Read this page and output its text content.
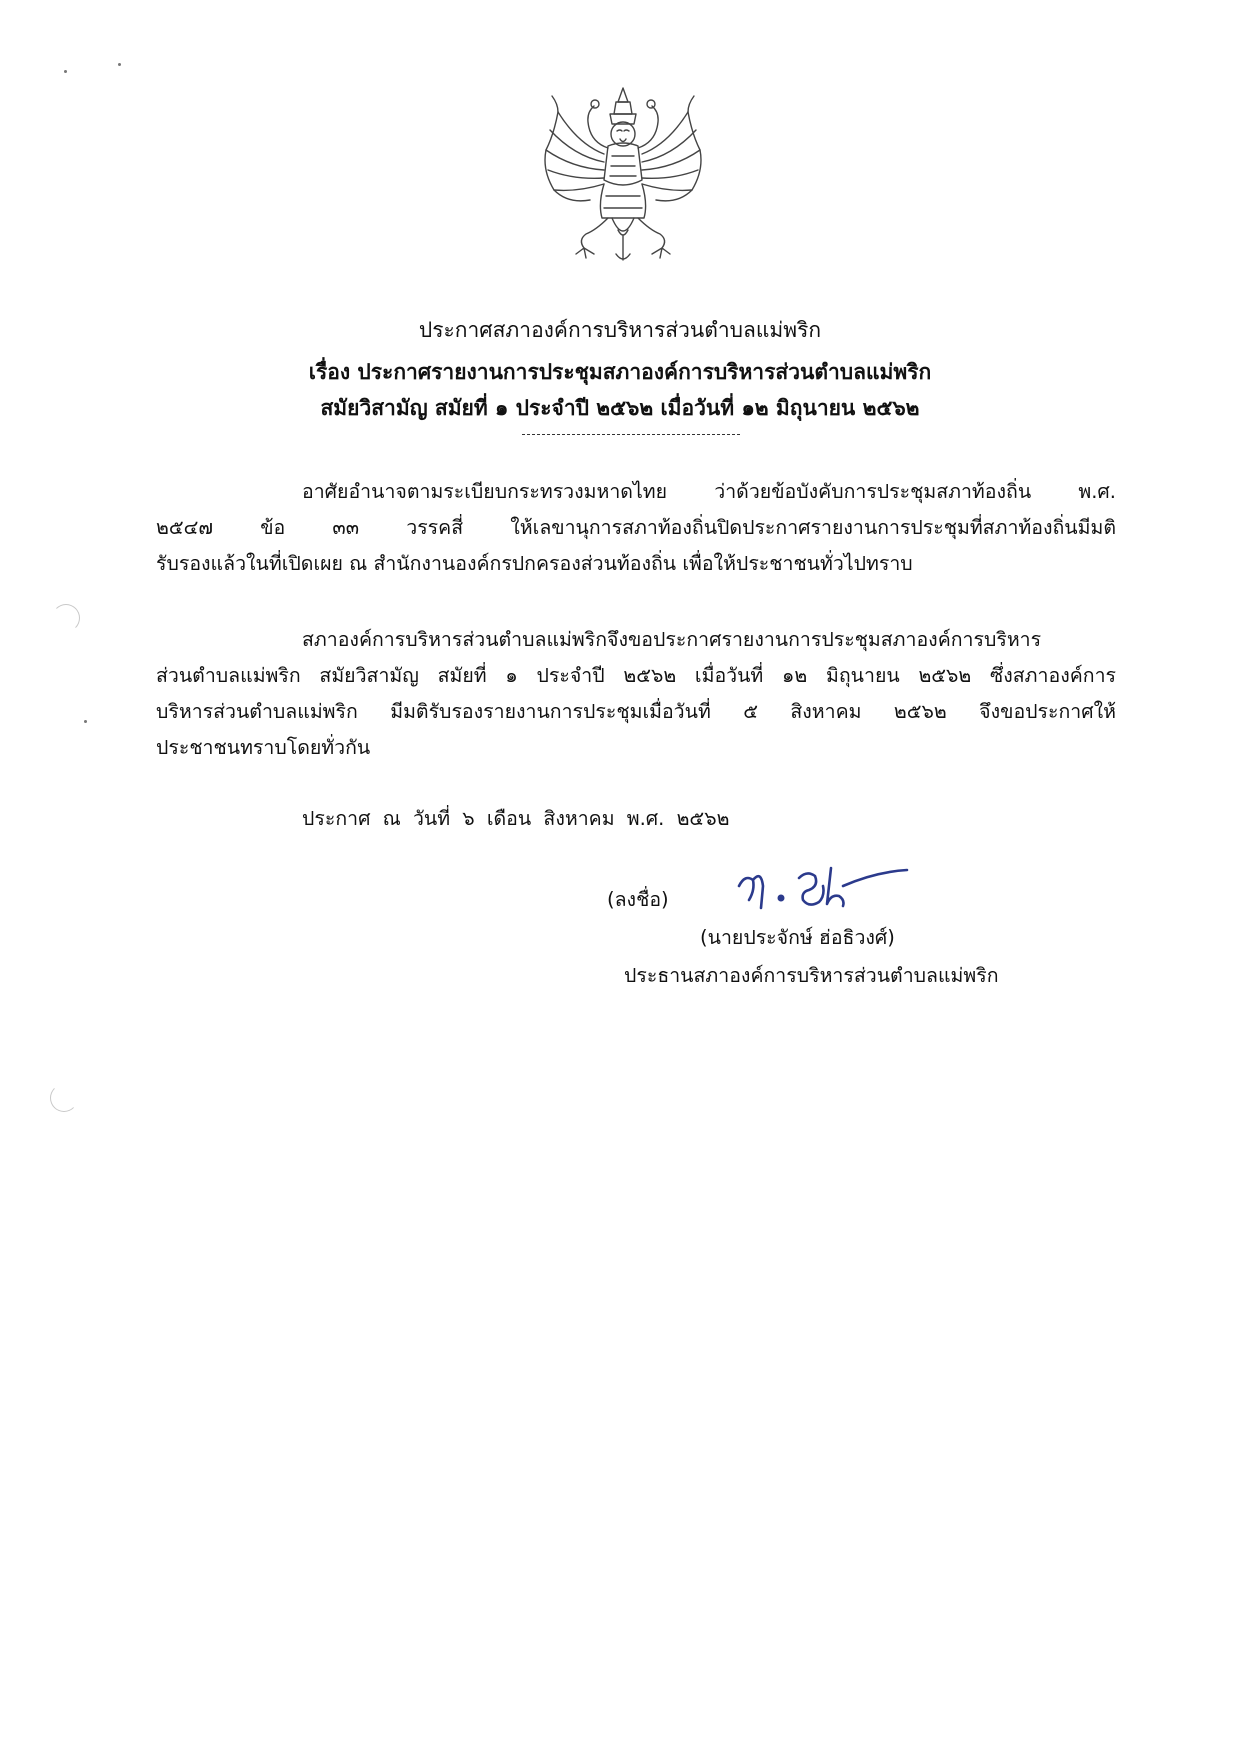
ประกาศสภาองค์การบริหารส่วนตำบลแม่พริก
เรื่อง ประกาศรายงานการประชุมสภาองค์การบริหารส่วนตำบลแม่พริก
สมัยวิสามัญ สมัยที่ ๑ ประจำปี ๒๕๖๒ เมื่อวันที่ ๑๒ มิถุนายน ๒๕๖๒
อาศัยอำนาจตามระเบียบกระทรวงมหาดไทย ว่าด้วยข้อบังคับการประชุมสภาท้องถิ่น พ.ศ.
๒๕๔๗ ข้อ ๓๓ วรรคสี่ ให้เลขานุการสภาท้องถิ่นปิดประกาศรายงานการประชุมที่สภาท้องถิ่นมีมติ
รับรองแล้วในที่เปิดเผย ณ สำนักงานองค์กรปกครองส่วนท้องถิ่น เพื่อให้ประชาชนทั่วไปทราบ
สภาองค์การบริหารส่วนตำบลแม่พริกจึงขอประกาศรายงานการประชุมสภาองค์การบริหาร
ส่วนตำบลแม่พริก สมัยวิสามัญ สมัยที่ ๑ ประจำปี ๒๕๖๒ เมื่อวันที่ ๑๒ มิถุนายน ๒๕๖๒ ซึ่งสภาองค์การ
บริหารส่วนตำบลแม่พริก มีมติรับรองรายงานการประชุมเมื่อวันที่ ๕ สิงหาคม ๒๕๖๒ จึงขอประกาศให้
ประชาชนทราบโดยทั่วกัน
ประกาศ ณ วันที่ ๖ เดือน สิงหาคม พ.ศ. ๒๕๖๒
(ลงชื่อ)
(นายประจักษ์ ฮ่อธิวงศ์)
ประธานสภาองค์การบริหารส่วนตำบลแม่พริก
